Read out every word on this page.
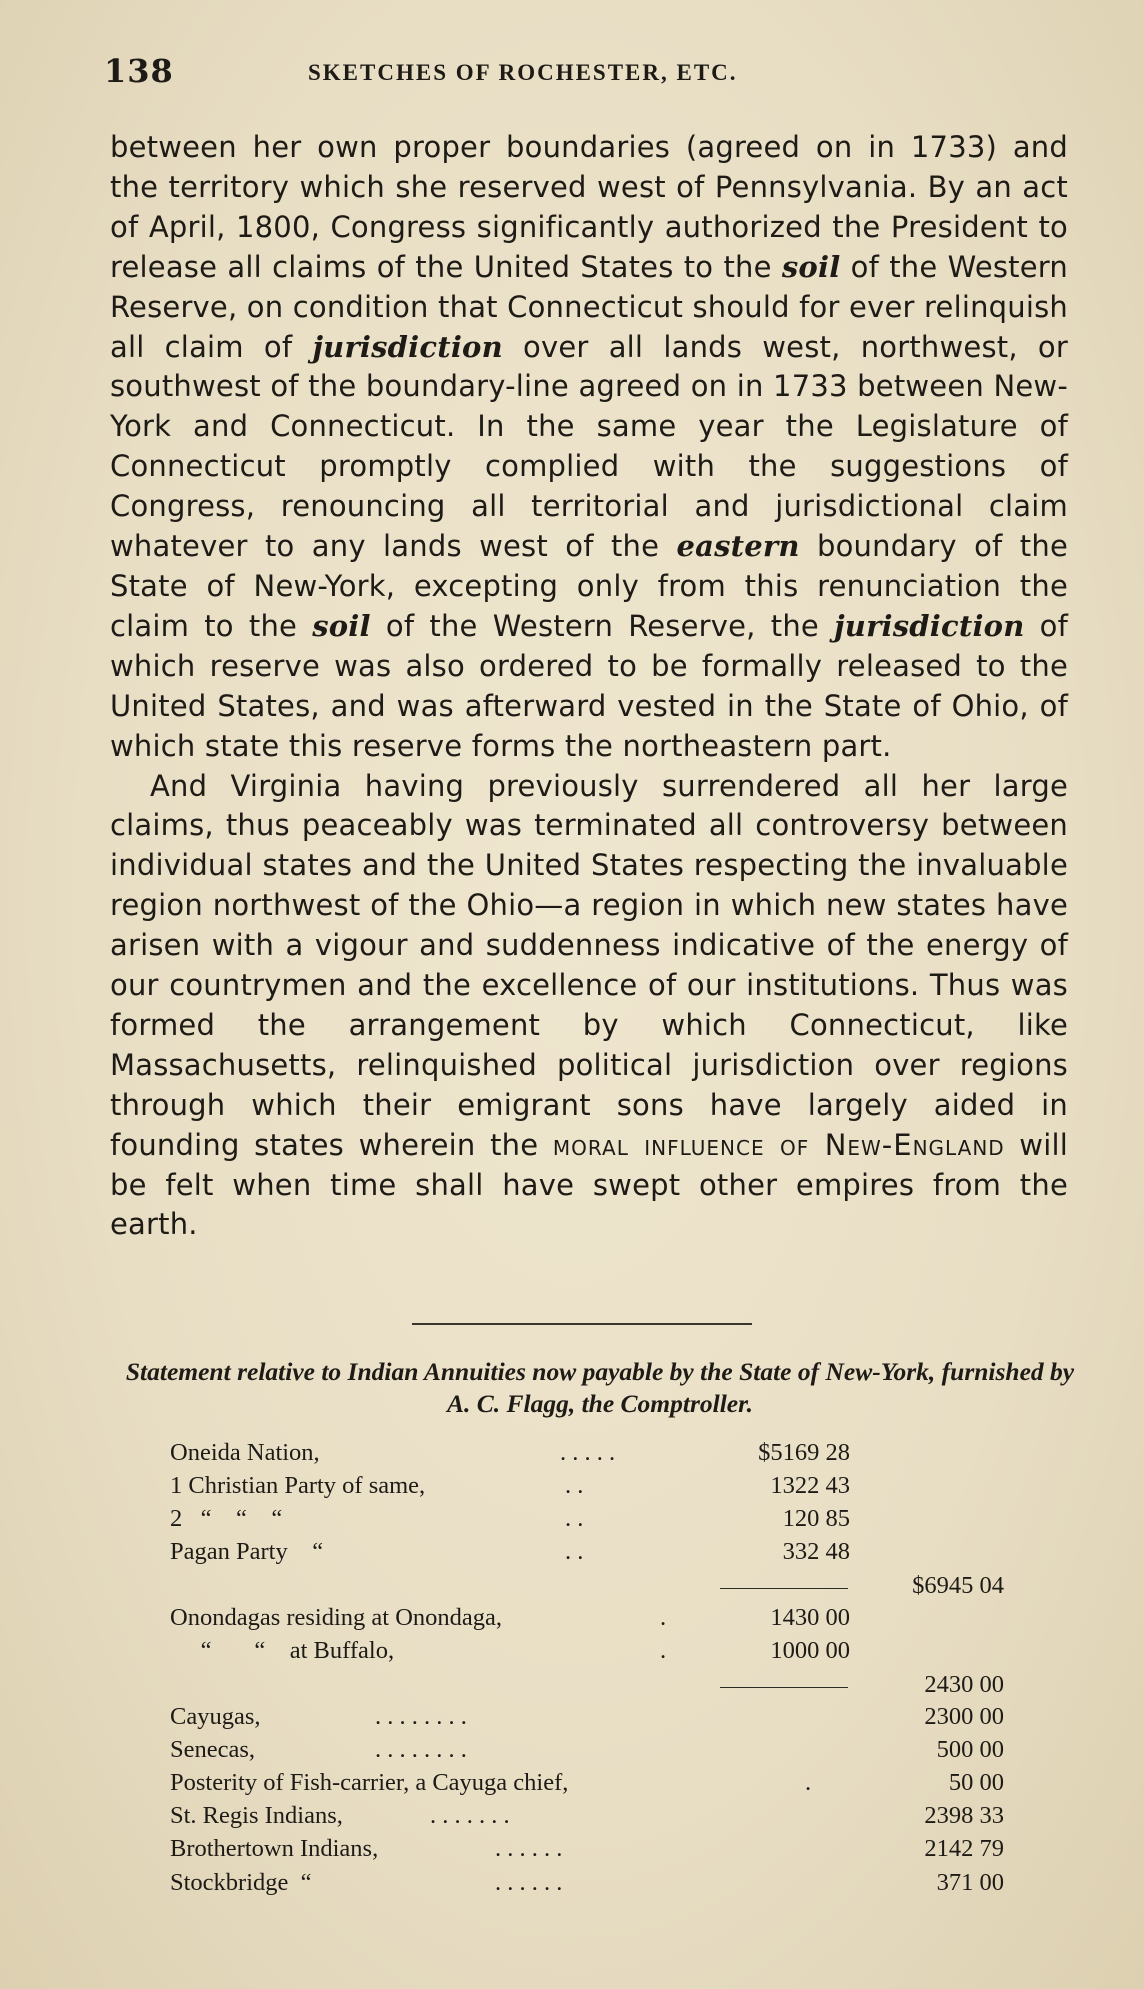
138	SKETCHES OF ROCHESTER, ETC.

between her own proper boundaries (agreed on in 1733) and the territory which she reserved west of Pennsylvania. By an act of April, 1800, Congress significantly authorized the President to release all claims of the United States to the soil of the Western Reserve, on condition that Connecticut should for ever relinquish all claim of jurisdiction over all lands west, northwest, or southwest of the boundary-line agreed on in 1733 between New-York and Connecticut. In the same year the Legislature of Connecticut promptly complied with the suggestions of Congress, renouncing all territorial and jurisdictional claim whatever to any lands west of the eastern boundary of the State of New-York, excepting only from this renunciation the claim to the soil of the Western Reserve, the jurisdiction of which reserve was also ordered to be formally released to the United States, and was afterward vested in the State of Ohio, of which state this reserve forms the northeastern part.

And Virginia having previously surrendered all her large claims, thus peaceably was terminated all controversy between individual states and the United States respecting the invaluable region northwest of the Ohio—a region in which new states have arisen with a vigour and suddenness indicative of the energy of our countrymen and the excellence of our institutions. Thus was formed the arrangement by which Connecticut, like Massachusetts, relinquished political jurisdiction over regions through which their emigrant sons have largely aided in founding states wherein the moral influence of New-England will be felt when time shall have swept other empires from the earth.

Statement relative to Indian Annuities now payable by the State of New-York, furnished by A. C. Flagg, the Comptroller.
Oneida Nation,	. . . . .	$5169 28
1 Christian Party of same,	. .	1322 43
2   “    “    “	. .	120 85
Pagan Party    “	. .	332 48
$6945 04
Onondagas residing at Onondaga,	.	1430 00
“       “    at Buffalo,	.	1000 00
2430 00
Cayugas,	. . . . . . . .	2300 00
Senecas,	. . . . . . . .	500 00
Posterity of Fish-carrier, a Cayuga chief,	.	50 00
St. Regis Indians,	. . . . . . .	2398 33
Brothertown Indians,	. . . . . .	2142 79
Stockbridge  “	. . . . . .	371 00
